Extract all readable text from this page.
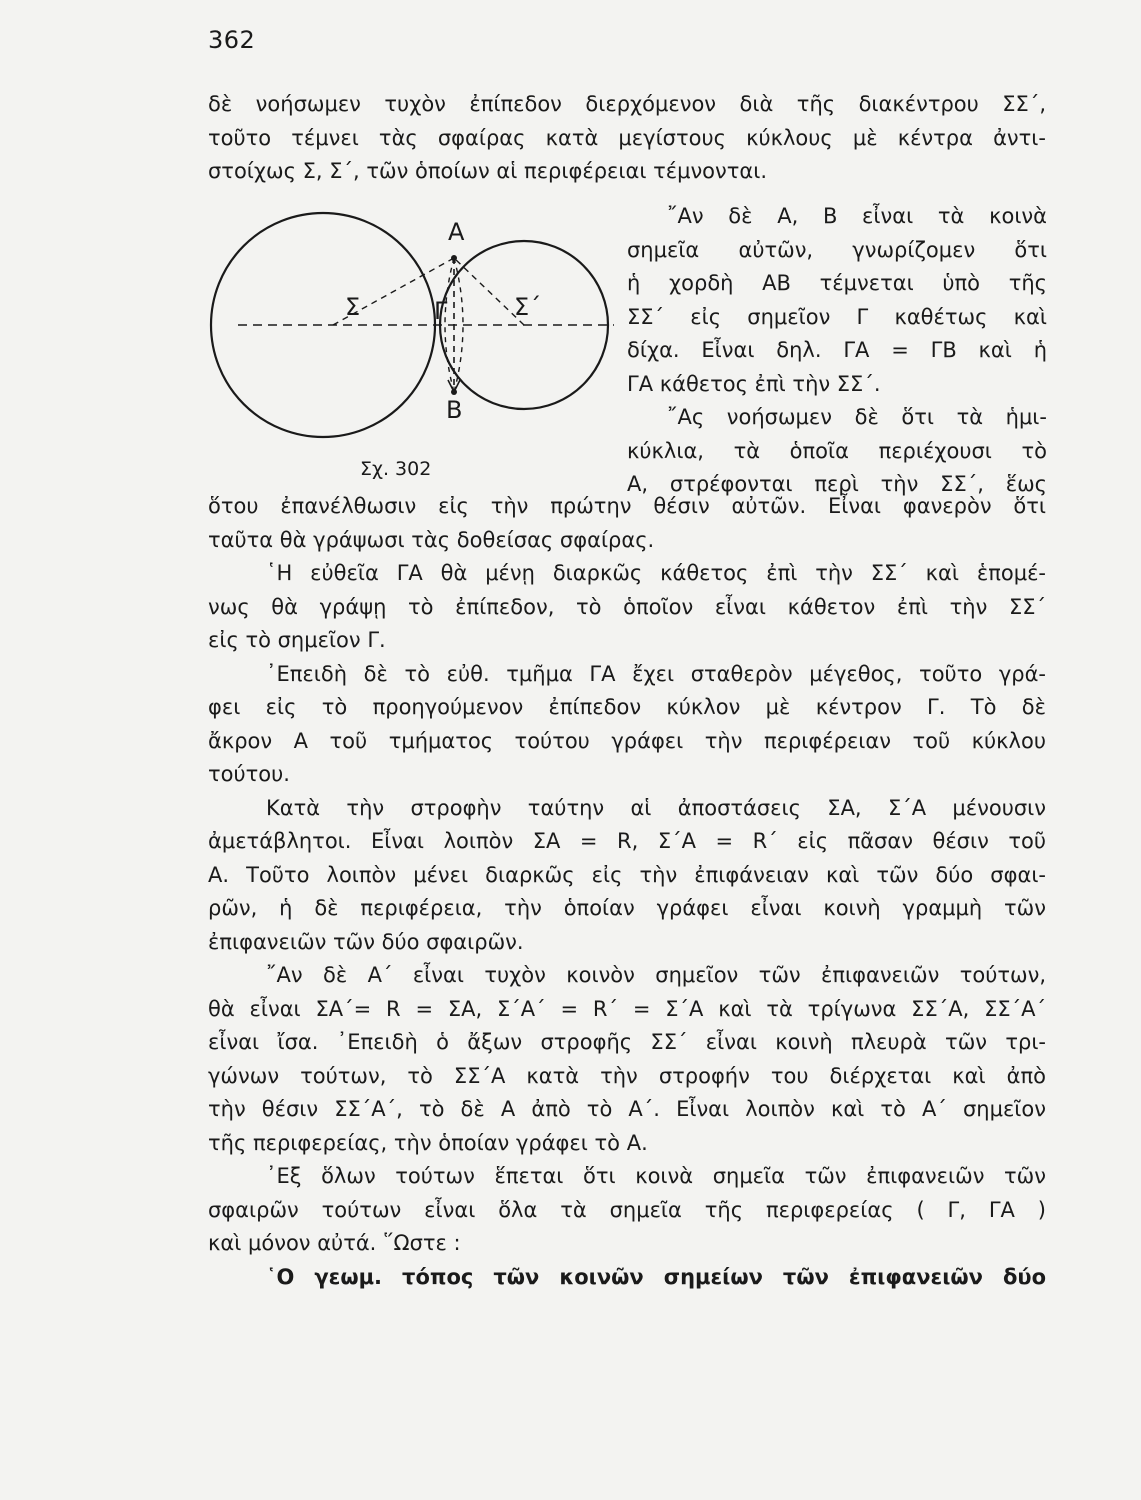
362
δὲ νοήσωμεν τυχὸν ἐπίπεδον διερχόμενον διὰ τῆς διακέντρου ΣΣ΄,
τοῦτο τέμνει τὰς σφαίρας κατὰ μεγίστους κύκλους μὲ κέντρα ἀντι-
στοίχως Σ, Σ΄, τῶν ὁποίων αἱ περιφέρειαι τέμνονται.
Α
Β
Σ	Σ΄
Γ
Σχ. 302
῎Αν δὲ Α, Β εἶναι τὰ κοινὰ
σημεῖα αὐτῶν, γνωρίζομεν ὅτι
ἡ χορδὴ ΑΒ τέμνεται ὑπὸ τῆς
ΣΣ΄ εἰς σημεῖον Γ καθέτως καὶ
δίχα. Εἶναι δηλ. ΓΑ = ΓΒ καὶ ἡ
ΓΑ κάθετος ἐπὶ τὴν ΣΣ΄.
῎Ας νοήσωμεν δὲ ὅτι τὰ ἡμι-
κύκλια, τὰ ὁποῖα περιέχουσι τὸ
Α, στρέφονται περὶ τὴν ΣΣ΄, ἕως
ὅτου ἐπανέλθωσιν εἰς τὴν πρώτην θέσιν αὐτῶν. Εἶναι φανερὸν ὅτι
ταῦτα θὰ γράψωσι τὰς δοθείσας σφαίρας.
῾Η εὐθεῖα ΓΑ θὰ μένῃ διαρκῶς κάθετος ἐπὶ τὴν ΣΣ΄ καὶ ἑπομέ-
νως θὰ γράψῃ τὸ ἐπίπεδον, τὸ ὁποῖον εἶναι κάθετον ἐπὶ τὴν ΣΣ΄
εἰς τὸ σημεῖον Γ.
᾿Επειδὴ δὲ τὸ εὐθ. τμῆμα ΓΑ ἔχει σταθερὸν μέγεθος, τοῦτο γρά-
φει εἰς τὸ προηγούμενον ἐπίπεδον κύκλον μὲ κέντρον Γ. Τὸ δὲ
ἄκρον Α τοῦ τμήματος τούτου γράφει τὴν περιφέρειαν τοῦ κύκλου
τούτου.
Κατὰ τὴν στροφὴν ταύτην αἱ ἀποστάσεις ΣΑ, Σ΄Α μένουσιν
ἀμετάβλητοι. Εἶναι λοιπὸν ΣΑ = R, Σ΄Α = R΄ εἰς πᾶσαν θέσιν τοῦ
Α. Τοῦτο λοιπὸν μένει διαρκῶς εἰς τὴν ἐπιφάνειαν καὶ τῶν δύο σφαι-
ρῶν, ἡ δὲ περιφέρεια, τὴν ὁποίαν γράφει εἶναι κοινὴ γραμμὴ τῶν
ἐπιφανειῶν τῶν δύο σφαιρῶν.
῎Αν δὲ Α΄ εἶναι τυχὸν κοινὸν σημεῖον τῶν ἐπιφανειῶν τούτων,
θὰ εἶναι ΣΑ΄= R = ΣΑ, Σ΄Α΄ = R΄ = Σ΄Α καὶ τὰ τρίγωνα ΣΣ΄Α, ΣΣ΄Α΄
εἶναι ἴσα. ᾿Επειδὴ ὁ ἄξων στροφῆς ΣΣ΄ εἶναι κοινὴ πλευρὰ τῶν τρι-
γώνων τούτων, τὸ ΣΣ΄Α κατὰ τὴν στροφήν του διέρχεται καὶ ἀπὸ
τὴν θέσιν ΣΣ΄Α΄, τὸ δὲ Α ἀπὸ τὸ Α΄. Εἶναι λοιπὸν καὶ τὸ Α΄ σημεῖον
τῆς περιφερείας, τὴν ὁποίαν γράφει τὸ Α.
᾿Εξ ὅλων τούτων ἕπεται ὅτι κοινὰ σημεῖα τῶν ἐπιφανειῶν τῶν
σφαιρῶν τούτων εἶναι ὅλα τὰ σημεῖα τῆς περιφερείας ( Γ, ΓΑ )
καὶ μόνον αὐτά. ῞Ωστε :
῾Ο γεωμ. τόπος τῶν κοινῶν σημείων τῶν ἐπιφανειῶν δύο
